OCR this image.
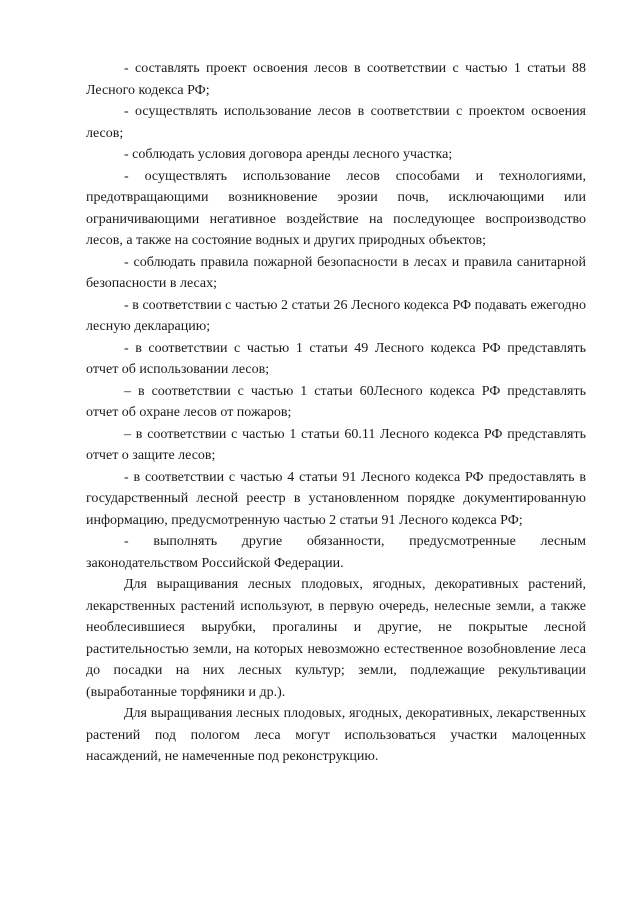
- составлять проект освоения лесов в соответствии с частью 1 статьи 88 Лесного кодекса РФ;

- осуществлять использование лесов в соответствии с проектом освоения лесов;

- соблюдать условия договора аренды лесного участка;

- осуществлять использование лесов способами и технологиями, предотвращающими возникновение эрозии почв, исключающими или ограничивающими негативное воздействие на последующее воспроизводство лесов, а также на состояние водных и других природных объектов;

- соблюдать правила пожарной безопасности в лесах и правила санитарной безопасности в лесах;

- в соответствии с частью 2 статьи 26 Лесного кодекса РФ подавать ежегодно лесную декларацию;

- в соответствии с частью 1 статьи 49 Лесного кодекса РФ представлять отчет об использовании лесов;

– в соответствии с частью 1 статьи 60Лесного кодекса РФ представлять отчет об охране лесов от пожаров;

– в соответствии с частью 1 статьи 60.11 Лесного кодекса РФ представлять отчет о защите лесов;

- в соответствии с частью 4 статьи 91 Лесного кодекса РФ предоставлять в государственный лесной реестр в установленном порядке документированную информацию, предусмотренную частью 2 статьи 91 Лесного кодекса РФ;

- выполнять другие обязанности, предусмотренные лесным законодательством Российской Федерации.

Для выращивания лесных плодовых, ягодных, декоративных растений, лекарственных растений используют, в первую очередь, нелесные земли, а также необлесившиеся вырубки, прогалины и другие, не покрытые лесной растительностью земли, на которых невозможно естественное возобновление леса до посадки на них лесных культур; земли, подлежащие рекультивации (выработанные торфяники и др.).

Для выращивания лесных плодовых, ягодных, декоративных, лекарственных растений под пологом леса могут использоваться участки малоценных насаждений, не намеченные под реконструкцию.
